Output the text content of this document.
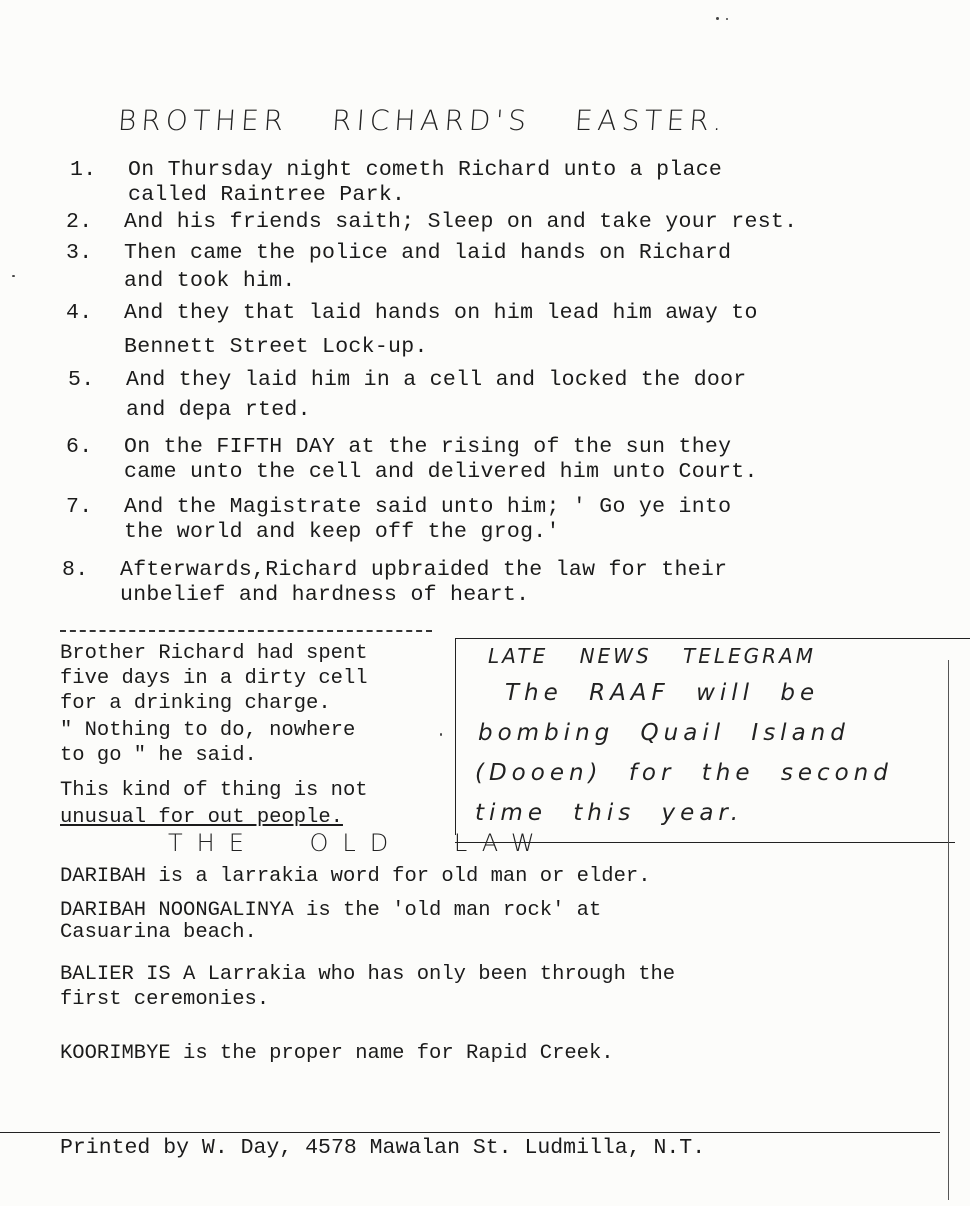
BROTHER RICHARD'S EASTER.
1. On Thursday night cometh Richard unto a place
called Raintree Park.
2. And his friends saith; Sleep on and take your rest.
3. Then came the police and laid hands on Richard
and took him.
4. And they that laid hands on him lead him away to
Bennett Street Lock-up.
5. And they laid him in a cell and locked the door
and depa rted.
6. On the FIFTH DAY at the rising of the sun they
came unto the cell and delivered him unto Court.
7. And the Magistrate said unto him; ' Go ye into
the world and keep off the grog.'
8. Afterwards,Richard upbraided the law for their
unbelief and hardness of heart.
Brother Richard had spent
five days in a dirty cell
for a drinking charge.
" Nothing to do, nowhere
to go " he said.
This kind of thing is not
unusual for out people.
LATE NEWS TELEGRAM
The RAAF will be
bombing Quail Island
(Dooen) for the second
time this year.
THE OLD LAW
DARIBAH is a larrakia word for old man or elder.
DARIBAH NOONGALINYA is the 'old man rock' at
Casuarina beach.
BALIER IS A Larrakia who has only been through the
first ceremonies.
KOORIMBYE is the proper name for Rapid Creek.
Printed by W. Day, 4578 Mawalan St. Ludmilla, N.T.
